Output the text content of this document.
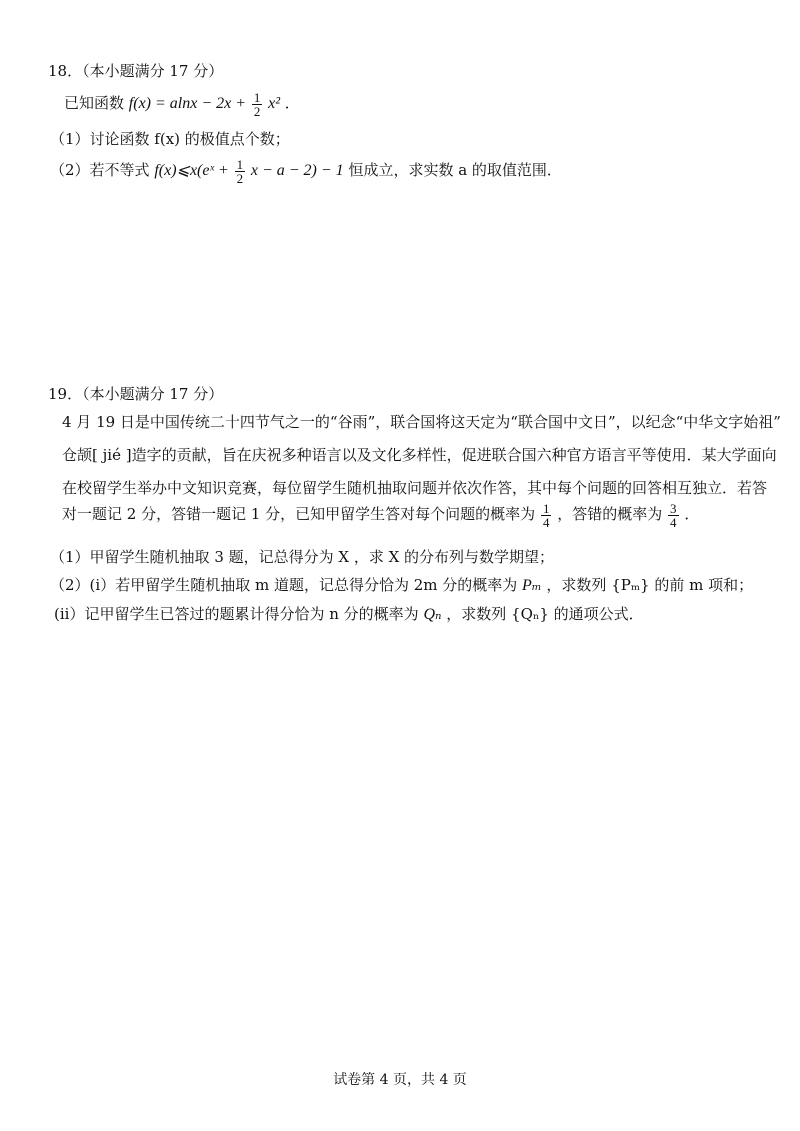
18．（本小题满分 17 分）
已知函数 $f(x) = alnx - 2x + \frac{1}{2} x^2$ ．
（1）讨论函数 f(x) 的极值点个数；
（2）若不等式 f(x)⩽x(eˣ + $\frac{1}{2}$ x − a − 2) − 1 恒成立，求实数 a 的取值范围．
19．（本小题满分 17 分）
4 月 19 日是中国传统二十四节气之一的“谷雨”，联合国将这天定为“联合国中文日”，以纪念“中华文字始祖”
仓颉[ jié ]造字的贡献，旨在庆祝多种语言以及文化多样性，促进联合国六种官方语言平等使用．某大学面向
在校留学生举办中文知识竞赛，每位留学生随机抽取问题并依次作答，其中每个问题的回答相互独立．若答
对一题记 2 分，答错一题记 1 分，已知甲留学生答对每个问题的概率为 $\frac{1}{4}$ ，答错的概率为 $\frac{3}{4}$ ．
（1）甲留学生随机抽取 3 题，记总得分为 X ，求 X 的分布列与数学期望；
（2）(i）若甲留学生随机抽取 m 道题，记总得分恰为 2m 分的概率为 Pₘ ，求数列 {Pₘ} 的前 m 项和；
(ii）记甲留学生已答过的题累计得分恰为 n 分的概率为 Qₙ ，求数列 {Qₙ} 的通项公式．
试卷第 4 页，共 4 页
